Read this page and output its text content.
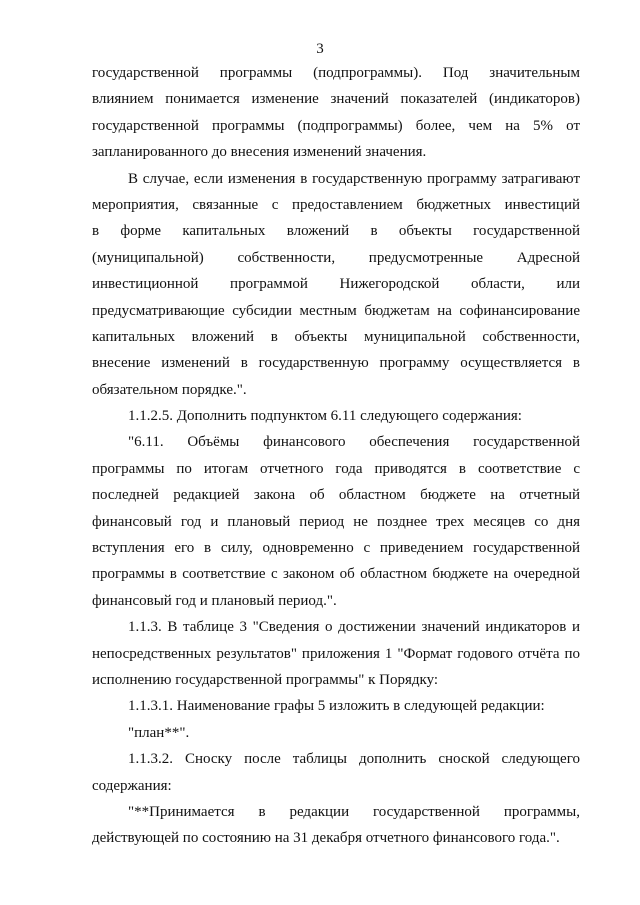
3
государственной программы (подпрограммы). Под значительным
влиянием понимается изменение значений показателей (индикаторов)
государственной программы (подпрограммы) более, чем на 5% от
запланированного до внесения изменений значения.
В случае, если изменения в государственную программу затрагивают
мероприятия, связанные с предоставлением бюджетных инвестиций
в форме капитальных вложений в объекты государственной
(муниципальной) собственности, предусмотренные Адресной
инвестиционной программой Нижегородской области, или
предусматривающие субсидии местным бюджетам на софинансирование
капитальных вложений в объекты муниципальной собственности,
внесение изменений в государственную программу осуществляется в
обязательном порядке.".
1.1.2.5. Дополнить подпунктом 6.11 следующего содержания:
"6.11. Объёмы финансового обеспечения государственной
программы по итогам отчетного года приводятся в соответствие с
последней редакцией закона об областном бюджете на отчетный
финансовый год и плановый период не позднее трех месяцев со дня
вступления его в силу, одновременно с приведением государственной
программы в соответствие с законом об областном бюджете на очередной
финансовый год и плановый период.".
1.1.3. В таблице 3 "Сведения о достижении значений индикаторов и
непосредственных результатов" приложения 1 "Формат годового отчёта по
исполнению государственной программы" к Порядку:
1.1.3.1. Наименование графы 5 изложить в следующей редакции:
"план**".
1.1.3.2. Сноску после таблицы дополнить сноской следующего
содержания:
"**Принимается в редакции государственной программы,
действующей по состоянию на 31 декабря отчетного финансового года.".
